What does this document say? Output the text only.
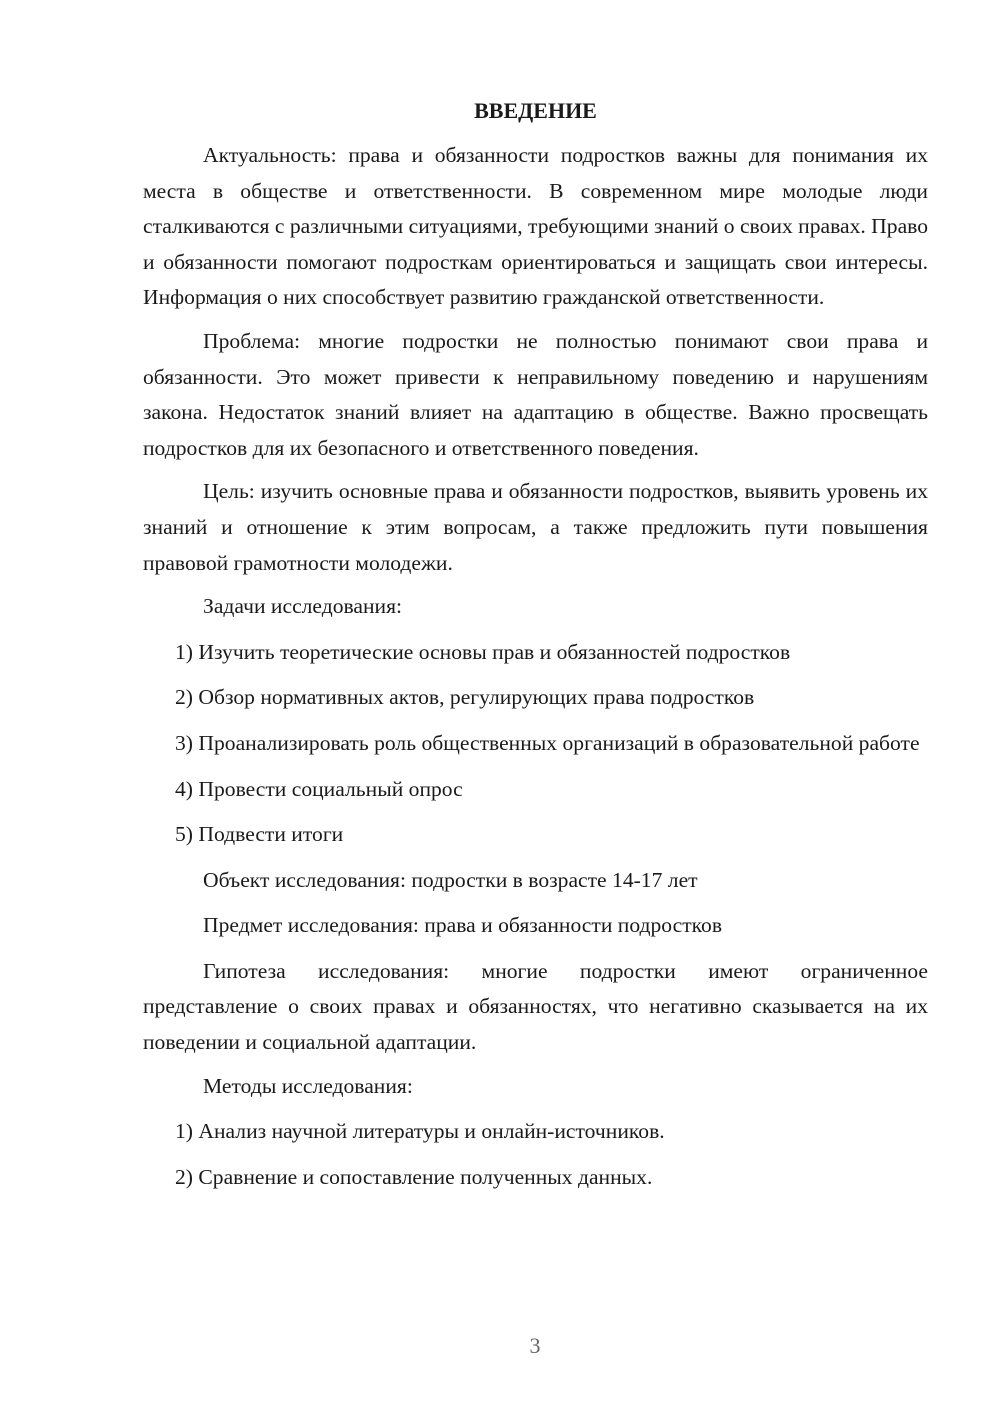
ВВЕДЕНИЕ

Актуальность: права и обязанности подростков важны для понимания их места в обществе и ответственности. В современном мире молодые люди сталкиваются с различными ситуациями, требующими знаний о своих правах. Право и обязанности помогают подросткам ориентироваться и защищать свои интересы. Информация о них способствует развитию гражданской ответственности.

Проблема: многие подростки не полностью понимают свои права и обязанности. Это может привести к неправильному поведению и нарушениям закона. Недостаток знаний влияет на адаптацию в обществе. Важно просвещать подростков для их безопасного и ответственного поведения.

Цель: изучить основные права и обязанности подростков, выявить уровень их знаний и отношение к этим вопросам, а также предложить пути повышения правовой грамотности молодежи.

Задачи исследования:
1) Изучить теоретические основы прав и обязанностей подростков
2) Обзор нормативных актов, регулирующих права подростков

3) Проанализировать роль общественных организаций в образовательной работе

4) Провести социальный опрос
5) Подвести итоги
Объект исследования: подростки в возрасте 14-17 лет
Предмет исследования: права и обязанности подростков

Гипотеза исследования: многие подростки имеют ограниченное представление о своих правах и обязанностях, что негативно сказывается на их поведении и социальной адаптации.

Методы исследования:
1) Анализ научной литературы и онлайн-источников.
2) Сравнение и сопоставление полученных данных.
3
